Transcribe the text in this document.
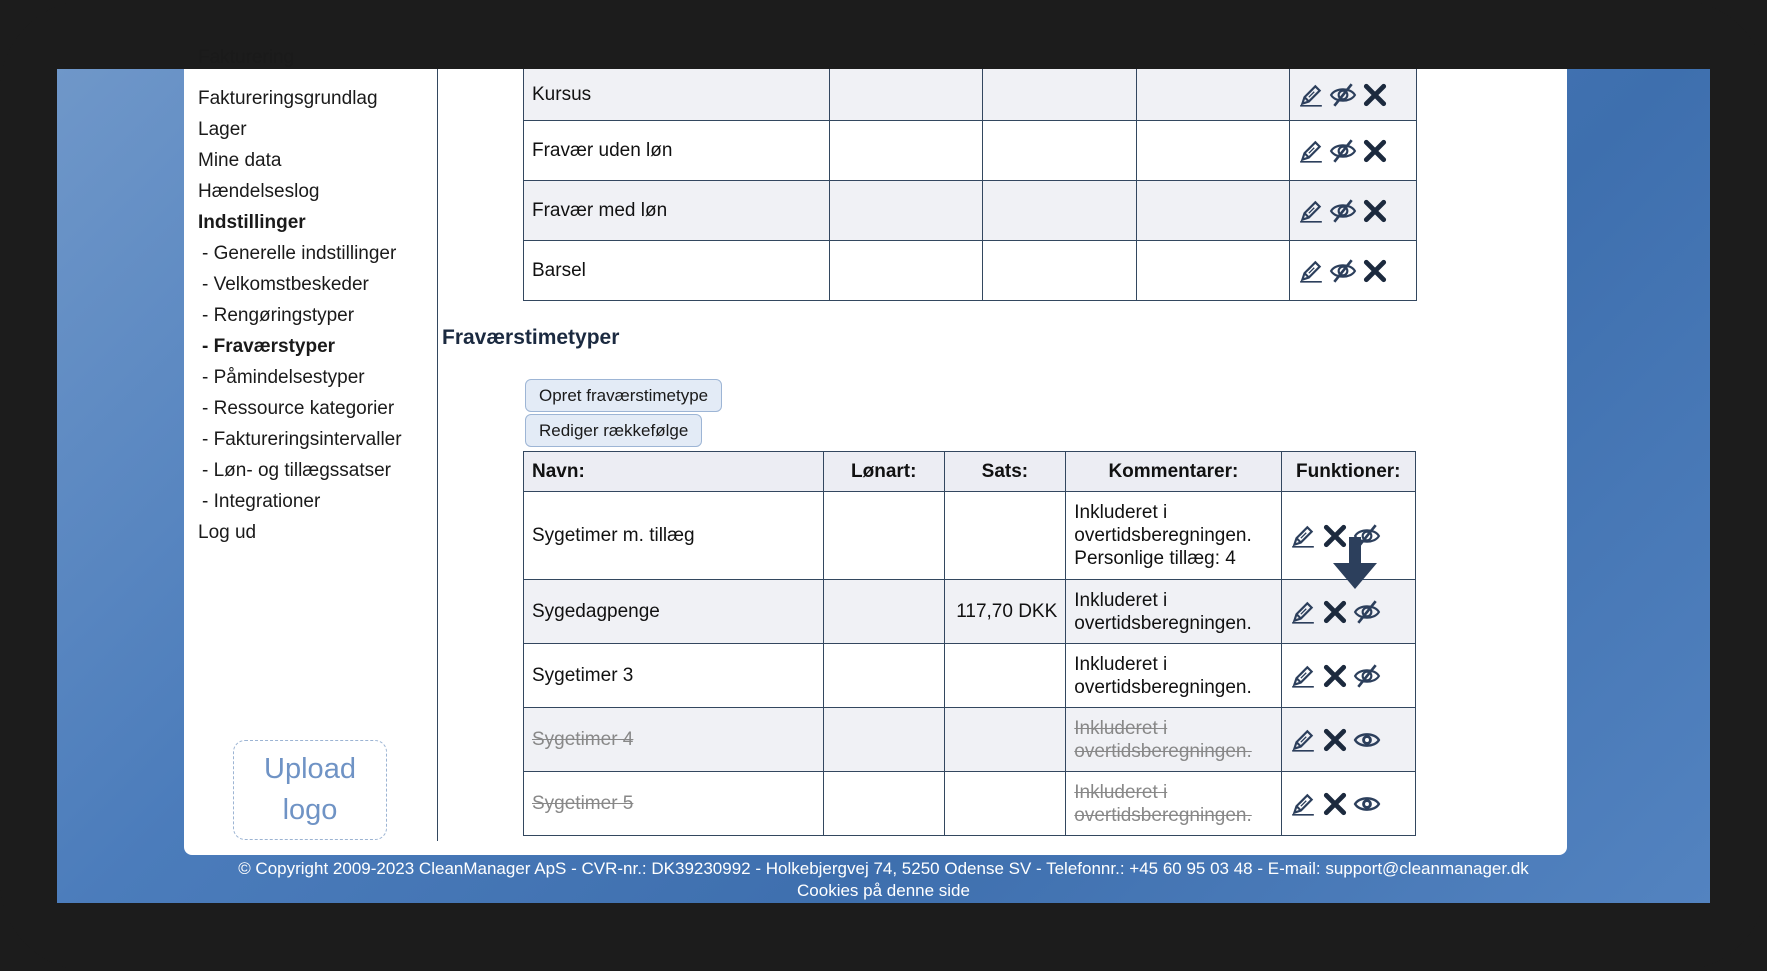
Fakturering
Faktureringsgrundlag
Lager
Mine data
Hændelseslog
Indstillinger
- Generelle indstillinger
- Velkomstbeskeder
- Rengøringstyper
- Fraværstyper
- Påmindelsestyper
- Ressource kategorier
- Faktureringsintervaller
- Løn- og tillægssatser
- Integrationer
Log ud
Upload
logo
Kursus				
Fravær uden løn				
Fravær med løn				
Barsel				
Fraværstimetyper
Opret fraværstimetype
Rediger rækkefølge
Navn:	Lønart:	Sats:	Kommentarer:	Funktioner:
Sygetimer m. tillæg			Inkluderet i
overtidsberegningen.
Personlige tillæg: 4

Sygedagpenge		117,70 DKK	Inkluderet i
overtidsberegningen.

Sygetimer 3			Inkluderet i
overtidsberegningen.

Sygetimer 4			Inkluderet i
overtidsberegningen.

Sygetimer 5			Inkluderet i
overtidsberegningen.

© Copyright 2009-2023 CleanManager ApS - CVR-nr.: DK39230992 - Holkebjergvej 74, 5250 Odense SV - Telefonnr.: +45 60 95 03 48 - E-mail: support@cleanmanager.dk
Cookies på denne side
